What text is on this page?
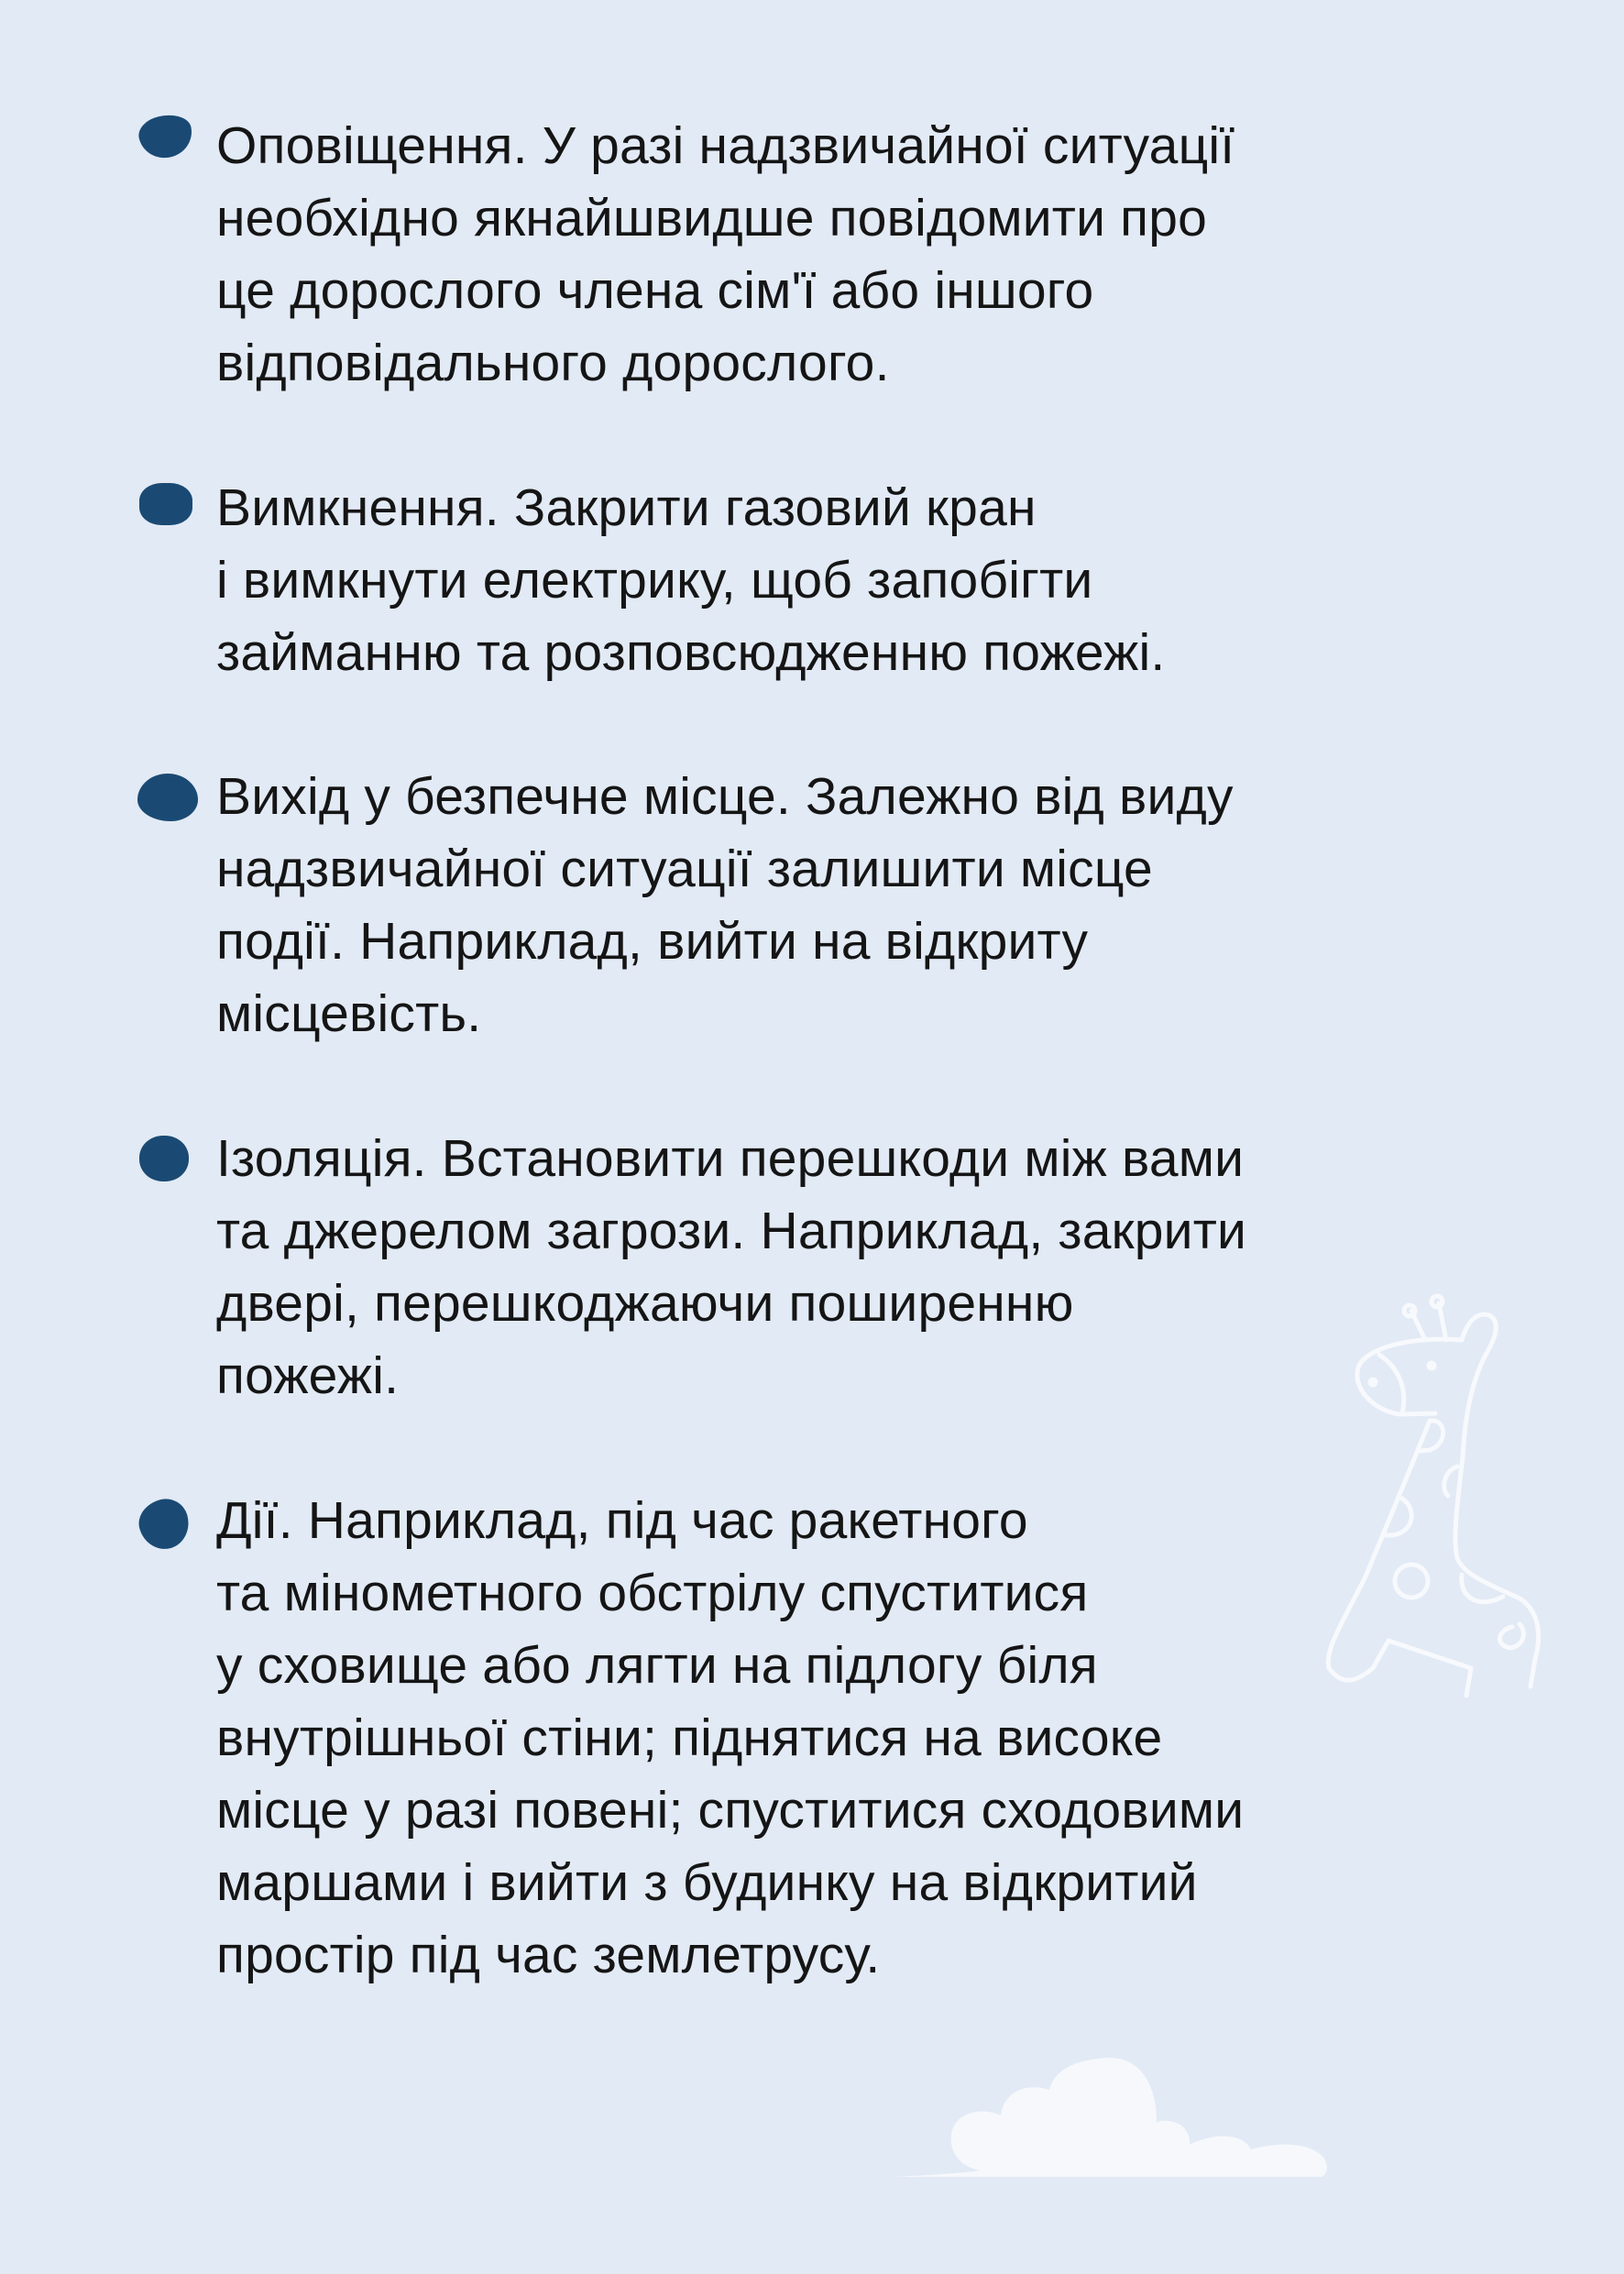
Оповіщення. У разі надзвичайної ситуації
необхідно якнайшвидше повідомити про
це дорослого члена сім'ї або іншого
відповідального дорослого.
Вимкнення. Закрити газовий кран
і вимкнути електрику, щоб запобігти
займанню та розповсюдженню пожежі.
Вихід у безпечне місце. Залежно від виду
надзвичайної ситуації залишити місце
події. Наприклад, вийти на відкриту
місцевість.
Ізоляція. Встановити перешкоди між вами
та джерелом загрози. Наприклад, закрити
двері, перешкоджаючи поширенню
пожежі.
Дії. Наприклад, під час ракетного
та мінометного обстрілу спуститися
у сховище або лягти на підлогу біля
внутрішньої стіни; піднятися на високе
місце у разі повені; спуститися сходовими
маршами і вийти з будинку на відкритий
простір під час землетрусу.
